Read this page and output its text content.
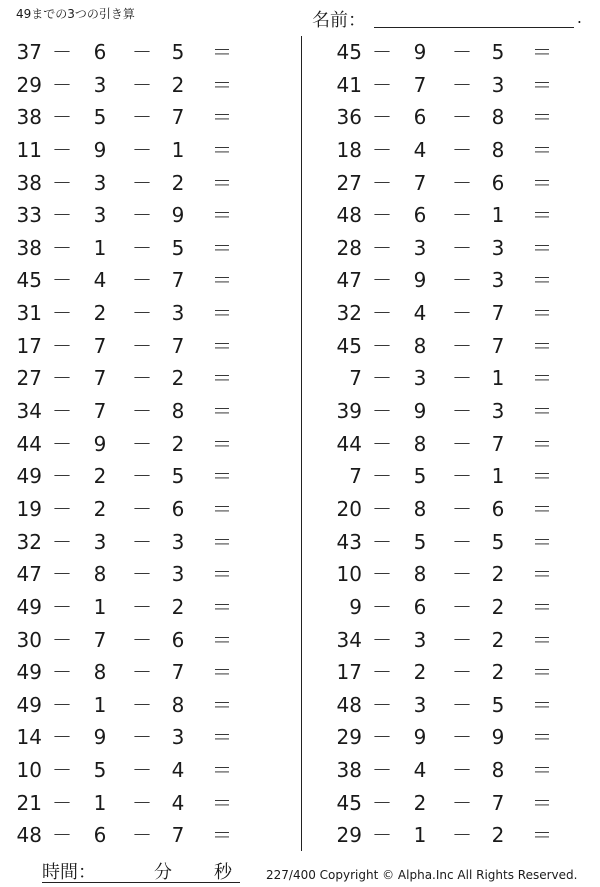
49までの3つの引き算	名前：	.
37 － 6 － 5 ＝
29 － 3 － 2 ＝
38 － 5 － 7 ＝
11 － 9 － 1 ＝
38 － 3 － 2 ＝
33 － 3 － 9 ＝
38 － 1 － 5 ＝
45 － 4 － 7 ＝
31 － 2 － 3 ＝
17 － 7 － 7 ＝
27 － 7 － 2 ＝
34 － 7 － 8 ＝
44 － 9 － 2 ＝
49 － 2 － 5 ＝
19 － 2 － 6 ＝
32 － 3 － 3 ＝
47 － 8 － 3 ＝
49 － 1 － 2 ＝
30 － 7 － 6 ＝
49 － 8 － 7 ＝
49 － 1 － 8 ＝
14 － 9 － 3 ＝
10 － 5 － 4 ＝
21 － 1 － 4 ＝
48 － 6 － 7 ＝
45 － 9 － 5 ＝
41 － 7 － 3 ＝
36 － 6 － 8 ＝
18 － 4 － 8 ＝
27 － 7 － 6 ＝
48 － 6 － 1 ＝
28 － 3 － 3 ＝
47 － 9 － 3 ＝
32 － 4 － 7 ＝
45 － 8 － 7 ＝
7 － 3 － 1 ＝
39 － 9 － 3 ＝
44 － 8 － 7 ＝
7 － 5 － 1 ＝
20 － 8 － 6 ＝
43 － 5 － 5 ＝
10 － 8 － 2 ＝
9 － 6 － 2 ＝
34 － 3 － 2 ＝
17 － 2 － 2 ＝
48 － 3 － 5 ＝
29 － 9 － 9 ＝
38 － 4 － 8 ＝
45 － 2 － 7 ＝
29 － 1 － 2 ＝
時間：	分 秒	227/400 Copyright © Alpha.Inc All Rights Reserved.
